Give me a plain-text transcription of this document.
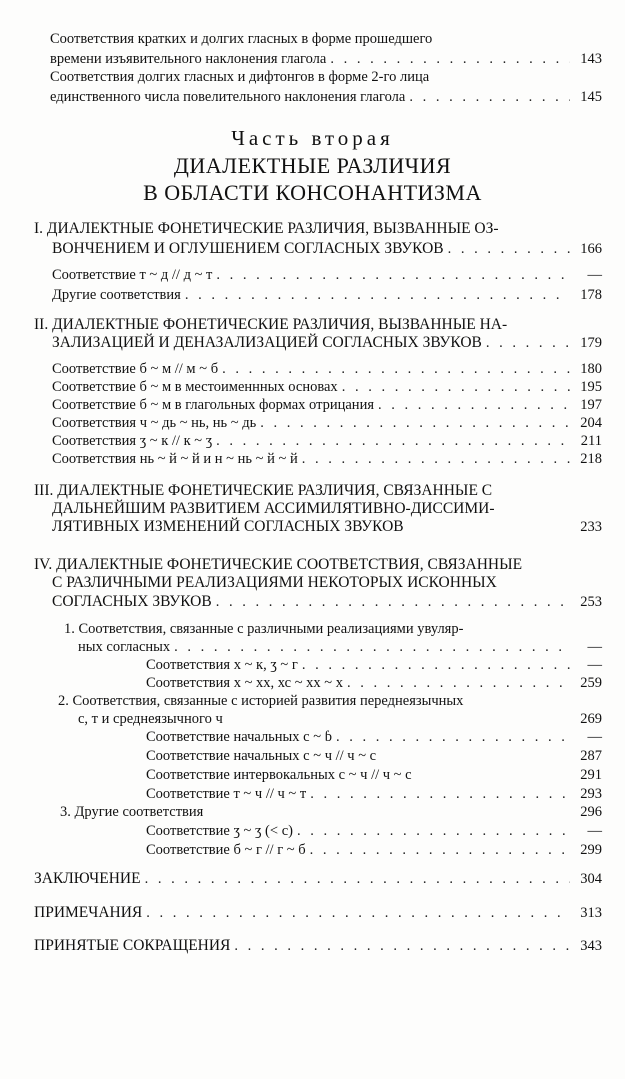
Соответствия кратких и долгих гласных в форме прошедшего
времени изъявительного наклонения глагола . . .	143
Соответствия долгих гласных и дифтонгов в форме 2-го лица
единственного числа повелительного наклонения глагола . . .	145
Часть вторая
ДИАЛЕКТНЫЕ РАЗЛИЧИЯ
В ОБЛАСТИ КОНСОНАНТИЗМА
I. ДИАЛЕКТНЫЕ ФОНЕТИЧЕСКИЕ РАЗЛИЧИЯ, ВЫЗВАННЫЕ ОЗ-
ВОНЧЕНИЕМ И ОГЛУШЕНИЕМ СОГЛАСНЫХ ЗВУКОВ . . .	166
Соответствие т ~ д // д ~ т . . .	—
Другие соответствия . . .	178
II. ДИАЛЕКТНЫЕ ФОНЕТИЧЕСКИЕ РАЗЛИЧИЯ, ВЫЗВАННЫЕ НА-
ЗАЛИЗАЦИЕЙ И ДЕНАЗАЛИЗАЦИЕЙ СОГЛАСНЫХ ЗВУКОВ . . .	179
Соответствие б ~ м // м ~ б . . .	180
Соответствие б ~ м в местоименнных основах . . .	195
Соответствие б ~ м в глагольных формах отрицания . . .	197
Соответствия ч ~ дь ~ нь, нь ~ дь . . .	204
Соответствия ӡ ~ к // к ~ ӡ . . .	211
Соответствия нь ~ й ~ й и н ~ нь ~ й ~ й . . .	218
III. ДИАЛЕКТНЫЕ ФОНЕТИЧЕСКИЕ РАЗЛИЧИЯ, СВЯЗАННЫЕ С
ДАЛЬНЕЙШИМ РАЗВИТИЕМ АССИМИЛЯТИВНО-ДИССИМИ-
ЛЯТИВНЫХ ИЗМЕНЕНИЙ СОГЛАСНЫХ ЗВУКОВ	233
IV. ДИАЛЕКТНЫЕ ФОНЕТИЧЕСКИЕ СООТВЕТСТВИЯ, СВЯЗАННЫЕ
С РАЗЛИЧНЫМИ РЕАЛИЗАЦИЯМИ НЕКОТОРЫХ ИСКОННЫХ
СОГЛАСНЫХ ЗВУКОВ . . .	253
1. Соответствия, связанные с различными реализациями увуляр-
ных согласных . . .	—
Соответствия х ~ к, ӡ ~ г . . .	—
Соответствия х ~ хх, хс ~ хх ~ х . . .	259
2. Соответствия, связанные с историей развития переднеязычных
с, т и среднеязычного ч	269
Соответствие начальных с ~ ɓ . . .	—
Соответствие начальных с ~ ч // ч ~ с	287
Соответствие интервокальных с ~ ч // ч ~ с	291
Соответствие т ~ ч // ч ~ т . . .	293
3. Другие соответствия	296
Соответствие ӡ ~ ӡ (< с) . . .	—
Соответствие б ~ г // г ~ б . . .	299
ЗАКЛЮЧЕНИЕ . . .	304
ПРИМЕЧАНИЯ . . .	313
ПРИНЯТЫЕ СОКРАЩЕНИЯ . . .	343
